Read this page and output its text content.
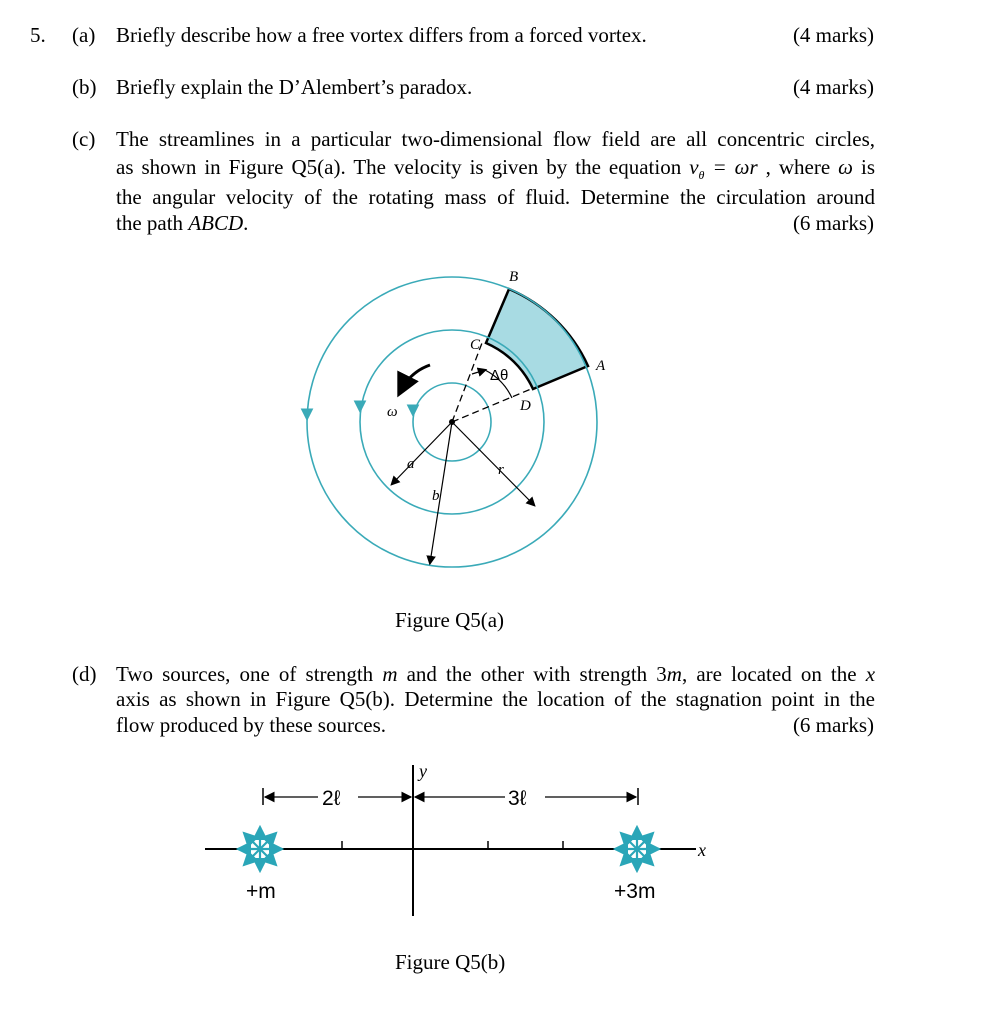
5. (a) Briefly describe how a free vortex differs from a forced vortex.	(4 marks)
(b) Briefly explain the D’Alembert’s paradox.	(4 marks)
(c) The streamlines in a particular two-dimensional flow field are all concentric circles,
as shown in Figure Q5(a). The velocity is given by the equation $v_\theta = \omega r$ , where ω is
the angular velocity of the rotating mass of fluid. Determine the circulation around
the path ABCD.	(6 marks)
B
A
C
D
Δθ
ω
a
b
r
Figure Q5(a)
(d) Two sources, one of strength m and the other with strength 3m, are located on the x
axis as shown in Figure Q5(b). Determine the location of the stagnation point in the
flow produced by these sources.	(6 marks)
2ℓ	3ℓ
y
x
+m	+3m
Figure Q5(b)
